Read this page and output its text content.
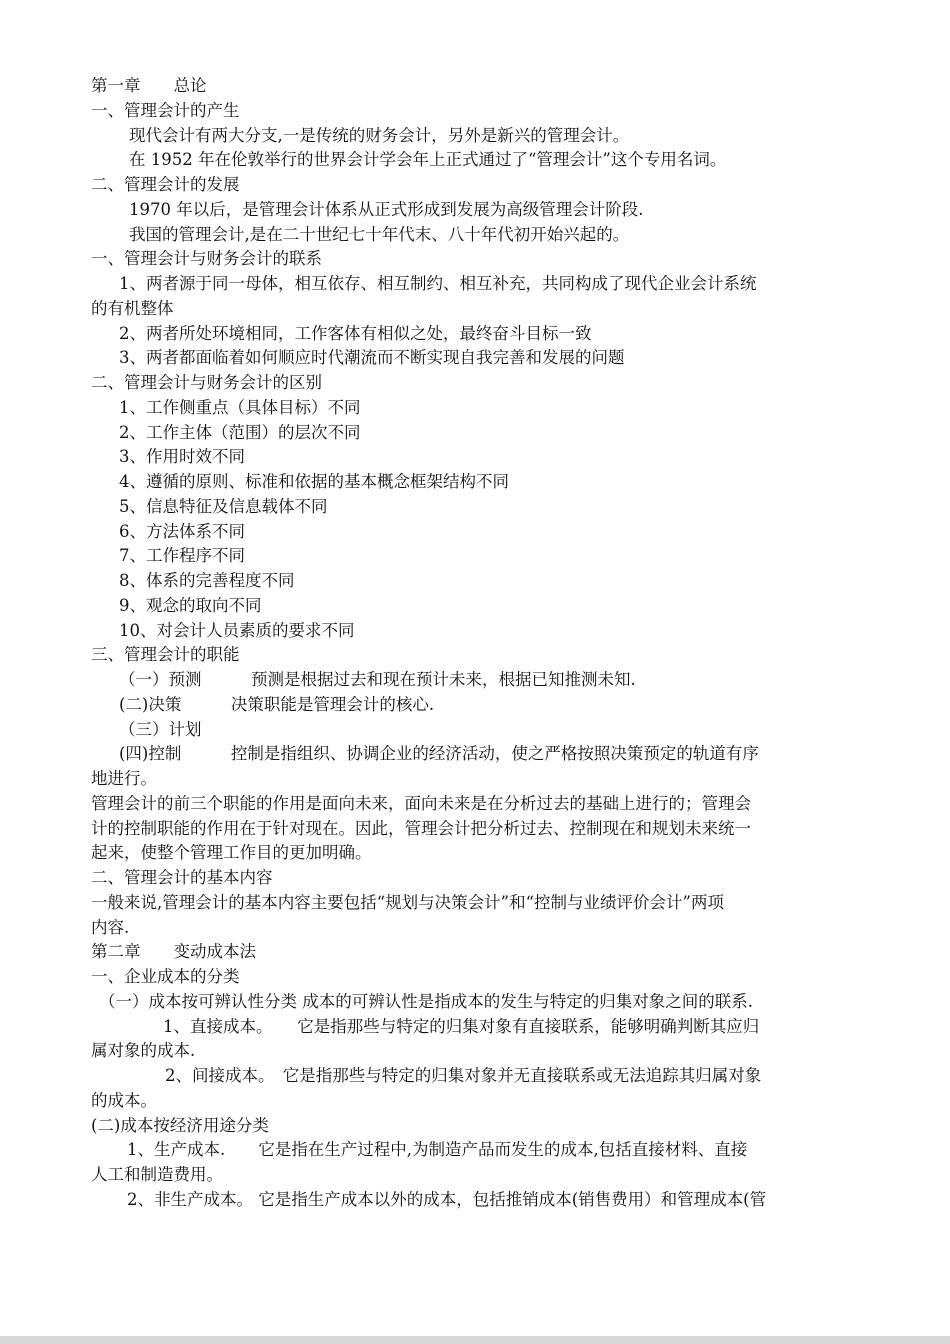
第一章　　总论
一、管理会计的产生
现代会计有两大分支,一是传统的财务会计，另外是新兴的管理会计。
在 1952 年在伦敦举行的世界会计学会年上正式通过了“管理会计”这个专用名词。
二、管理会计的发展
1970 年以后，是管理会计体系从正式形成到发展为高级管理会计阶段.
我国的管理会计,是在二十世纪七十年代末、八十年代初开始兴起的。
一、管理会计与财务会计的联系
1、两者源于同一母体，相互依存、相互制约、相互补充，共同构成了现代企业会计系统
的有机整体
2、两者所处环境相同，工作客体有相似之处，最终奋斗目标一致
3、两者都面临着如何顺应时代潮流而不断实现自我完善和发展的问题
二、管理会计与财务会计的区别
1、工作侧重点（具体目标）不同
2、工作主体（范围）的层次不同
3、作用时效不同
4、遵循的原则、标准和依据的基本概念框架结构不同
5、信息特征及信息载体不同
6、方法体系不同
7、工作程序不同
8、体系的完善程度不同
9、观念的取向不同
10、对会计人员素质的要求不同
三、管理会计的职能
（一）预测　　　预测是根据过去和现在预计未来，根据已知推测未知.
(二)决策　　　决策职能是管理会计的核心.
（三）计划
(四)控制　　　控制是指组织、协调企业的经济活动，使之严格按照决策预定的轨道有序
地进行。
管理会计的前三个职能的作用是面向未来，面向未来是在分析过去的基础上进行的；管理会
计的控制职能的作用在于针对现在。因此，管理会计把分析过去、控制现在和规划未来统一
起来，使整个管理工作目的更加明确。
二、管理会计的基本内容
一般来说,管理会计的基本内容主要包括“规划与决策会计”和“控制与业绩评价会计”两项
内容.
第二章　　变动成本法
一、企业成本的分类
（一）成本按可辨认性分类 成本的可辨认性是指成本的发生与特定的归集对象之间的联系.
1、直接成本。　　它是指那些与特定的归集对象有直接联系，能够明确判断其应归
属对象的成本.
2、间接成本。　它是指那些与特定的归集对象并无直接联系或无法追踪其归属对象
的成本。
(二)成本按经济用途分类
1、生产成本.　　它是指在生产过程中,为制造产品而发生的成本,包括直接材料、直接
人工和制造费用。
2、非生产成本。 它是指生产成本以外的成本，包括推销成本(销售费用）和管理成本(管
